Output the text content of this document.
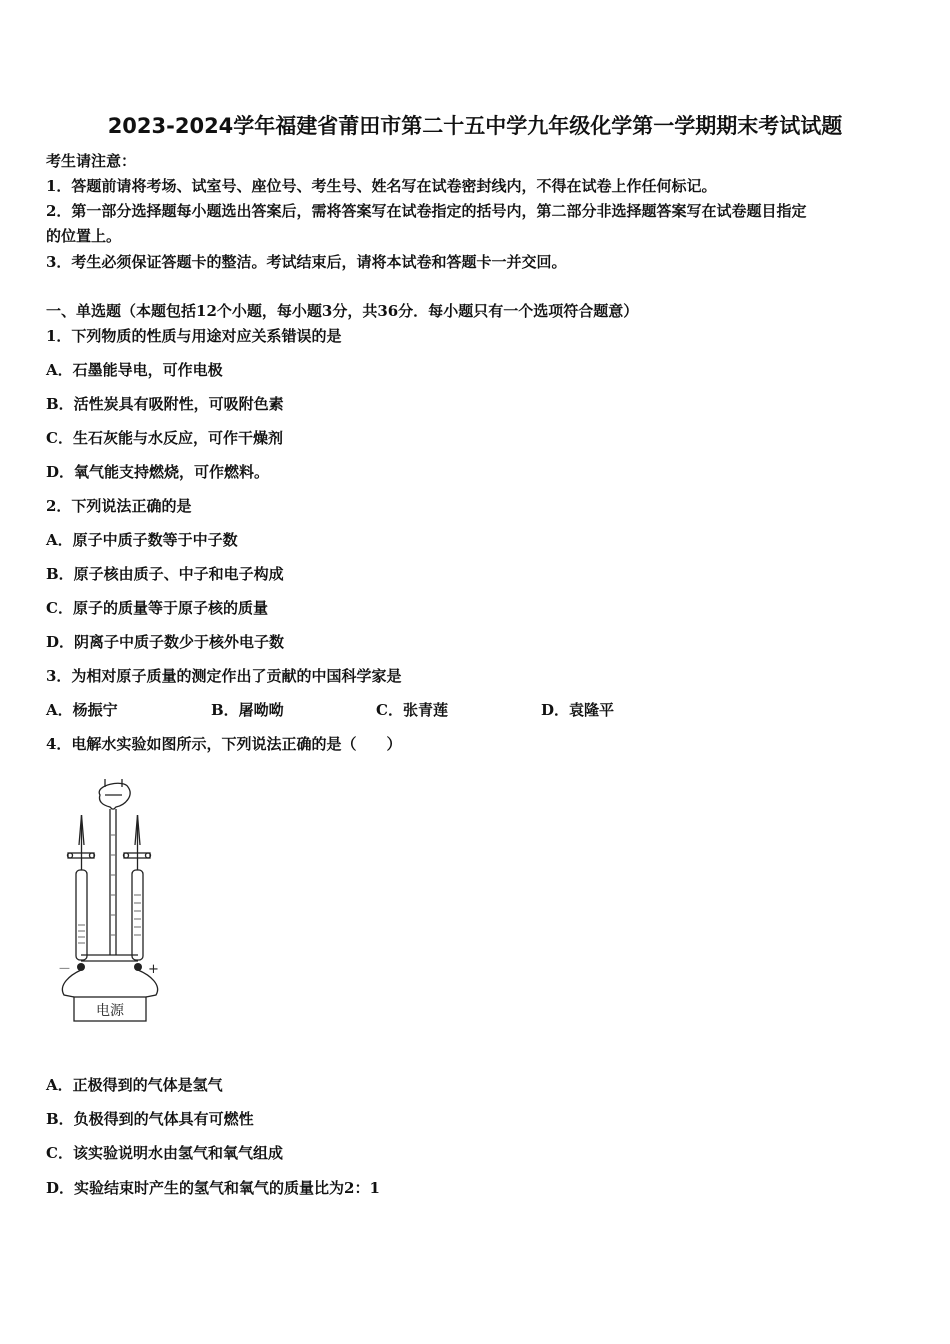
2023-2024学年福建省莆田市第二十五中学九年级化学第一学期期末考试试题
考生请注意：
1．答题前请将考场、试室号、座位号、考生号、姓名写在试卷密封线内，不得在试卷上作任何标记。
2．第一部分选择题每小题选出答案后，需将答案写在试卷指定的括号内，第二部分非选择题答案写在试卷题目指定
的位置上。
3．考生必须保证答题卡的整洁。考试结束后，请将本试卷和答题卡一并交回。
一、单选题（本题包括12个小题，每小题3分，共36分．每小题只有一个选项符合题意）
1．下列物质的性质与用途对应关系错误的是
A．石墨能导电，可作电极
B．活性炭具有吸附性，可吸附色素
C．生石灰能与水反应，可作干燥剂
D．氧气能支持燃烧，可作燃料。
2．下列说法正确的是
A．原子中质子数等于中子数
B．原子核由质子、中子和电子构成
C．原子的质量等于原子核的质量
D．阴离子中质子数少于核外电子数
3．为相对原子质量的测定作出了贡献的中国科学家是
A．杨振宁	B．屠呦呦	C．张青莲	D．袁隆平
4．电解水实验如图所示，下列说法正确的是（　　）
－	+
电源
A．正极得到的气体是氢气
B．负极得到的气体具有可燃性
C．该实验说明水由氢气和氧气组成
D．实验结束时产生的氢气和氧气的质量比为2：1
